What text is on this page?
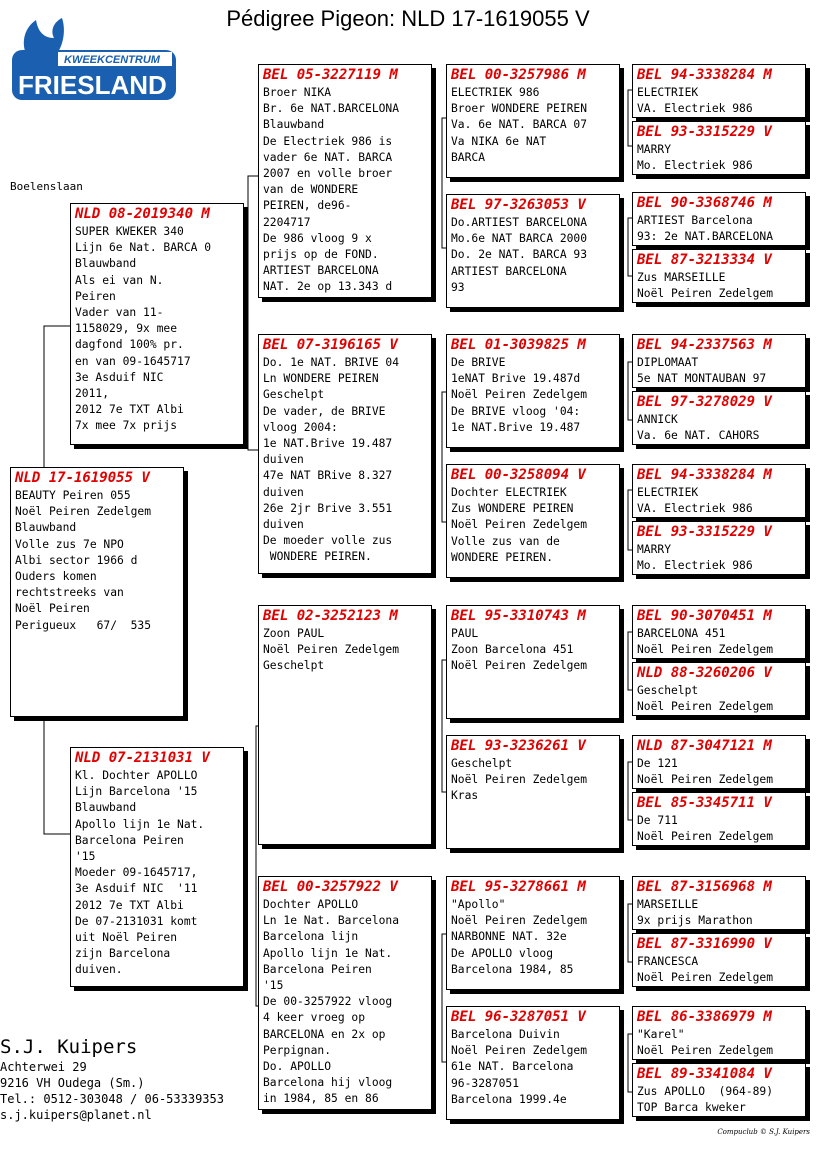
Pédigree Pigeon: NLD 17-1619055 V
KWEEKCENTRUM
FRIESLAND
Boelenslaan
NLD 17-1619055 V
BEAUTY Peiren 055
Noël Peiren Zedelgem
Blauwband
Volle zus 7e NPO
Albi sector 1966 d
Ouders komen
rechtstreeks van
Noël Peiren
Perigueux   67/  535
NLD 08-2019340 M
SUPER KWEKER 340
Lijn 6e Nat. BARCA 0
Blauwband
Als ei van N.
Peiren
Vader van 11-
1158029, 9x mee
dagfond 100% pr.
en van 09-1645717
3e Asduif NIC
2011,
2012 7e TXT Albi
7x mee 7x prijs
NLD 07-2131031 V
Kl. Dochter APOLLO
Lijn Barcelona '15
Blauwband
Apollo lijn 1e Nat.
Barcelona Peiren
'15
Moeder 09-1645717,
3e Asduif NIC  '11
2012 7e TXT Albi
De 07-2131031 komt
uit Noël Peiren
zijn Barcelona
duiven.
BEL 05-3227119 M
Broer NIKA
Br. 6e NAT.BARCELONA
Blauwband
De Electriek 986 is
vader 6e NAT. BARCA
2007 en volle broer
van de WONDERE
PEIREN, de96-
2204717
De 986 vloog 9 x
prijs op de FOND.
ARTIEST BARCELONA
NAT. 2e op 13.343 d
BEL 07-3196165 V
Do. 1e NAT. BRIVE 04
Ln WONDERE PEIREN
Geschelpt
De vader, de BRIVE
vloog 2004:
1e NAT.Brive 19.487
duiven
47e NAT BRive 8.327
duiven
26e 2jr Brive 3.551
duiven
De moeder volle zus
WONDERE PEIREN.
BEL 02-3252123 M
Zoon PAUL
Noël Peiren Zedelgem
Geschelpt
BEL 00-3257922 V
Dochter APOLLO
Ln 1e Nat. Barcelona
Barcelona lijn
Apollo lijn 1e Nat.
Barcelona Peiren
'15
De 00-3257922 vloog
4 keer vroeg op
BARCELONA en 2x op
Perpignan.
Do. APOLLO
Barcelona hij vloog
in 1984, 85 en 86
BEL 00-3257986 M
ELECTRIEK 986
Broer WONDERE PEIREN
Va. 6e NAT. BARCA 07
Va NIKA 6e NAT
BARCA
BEL 97-3263053 V
Do.ARTIEST BARCELONA
Mo.6e NAT BARCA 2000
Do. 2e NAT. BARCA 93
ARTIEST BARCELONA
93
BEL 01-3039825 M
De BRIVE
1eNAT Brive 19.487d
Noël Peiren Zedelgem
De BRIVE vloog '04:
1e NAT.Brive 19.487
BEL 00-3258094 V
Dochter ELECTRIEK
Zus WONDERE PEIREN
Noël Peiren Zedelgem
Volle zus van de
WONDERE PEIREN.
BEL 95-3310743 M
PAUL
Zoon Barcelona 451
Noël Peiren Zedelgem
BEL 93-3236261 V
Geschelpt
Noël Peiren Zedelgem
Kras
BEL 95-3278661 M
"Apollo"
Noël Peiren Zedelgem
NARBONNE NAT. 32e
De APOLLO vloog
Barcelona 1984, 85
BEL 96-3287051 V
Barcelona Duivin
Noël Peiren Zedelgem
61e NAT. Barcelona
96-3287051
Barcelona 1999.4e
BEL 94-3338284 M
ELECTRIEK
VA. Electriek 986
BEL 93-3315229 V
MARRY
Mo. Electriek 986
BEL 90-3368746 M
ARTIEST Barcelona
93: 2e NAT.BARCELONA
BEL 87-3213334 V
Zus MARSEILLE
Noël Peiren Zedelgem
BEL 94-2337563 M
DIPLOMAAT
5e NAT MONTAUBAN 97
BEL 97-3278029 V
ANNICK
Va. 6e NAT. CAHORS
BEL 94-3338284 M
ELECTRIEK
VA. Electriek 986
BEL 93-3315229 V
MARRY
Mo. Electriek 986
BEL 90-3070451 M
BARCELONA 451
Noël Peiren Zedelgem
NLD 88-3260206 V
Geschelpt
Noël Peiren Zedelgem
NLD 87-3047121 M
De 121
Noël Peiren Zedelgem
BEL 85-3345711 V
De 711
Noël Peiren Zedelgem
BEL 87-3156968 M
MARSEILLE
9x prijs Marathon
BEL 87-3316990 V
FRANCESCA
Noël Peiren Zedelgem
BEL 86-3386979 M
"Karel"
Noël Peiren Zedelgem
BEL 89-3341084 V
Zus APOLLO  (964-89)
TOP Barca kweker
S.J. Kuipers
Achterwei 29
9216 VH Oudega (Sm.)
Tel.: 0512-303048 / 06-53339353
s.j.kuipers@planet.nl
Compuclub © S.J. Kuipers
